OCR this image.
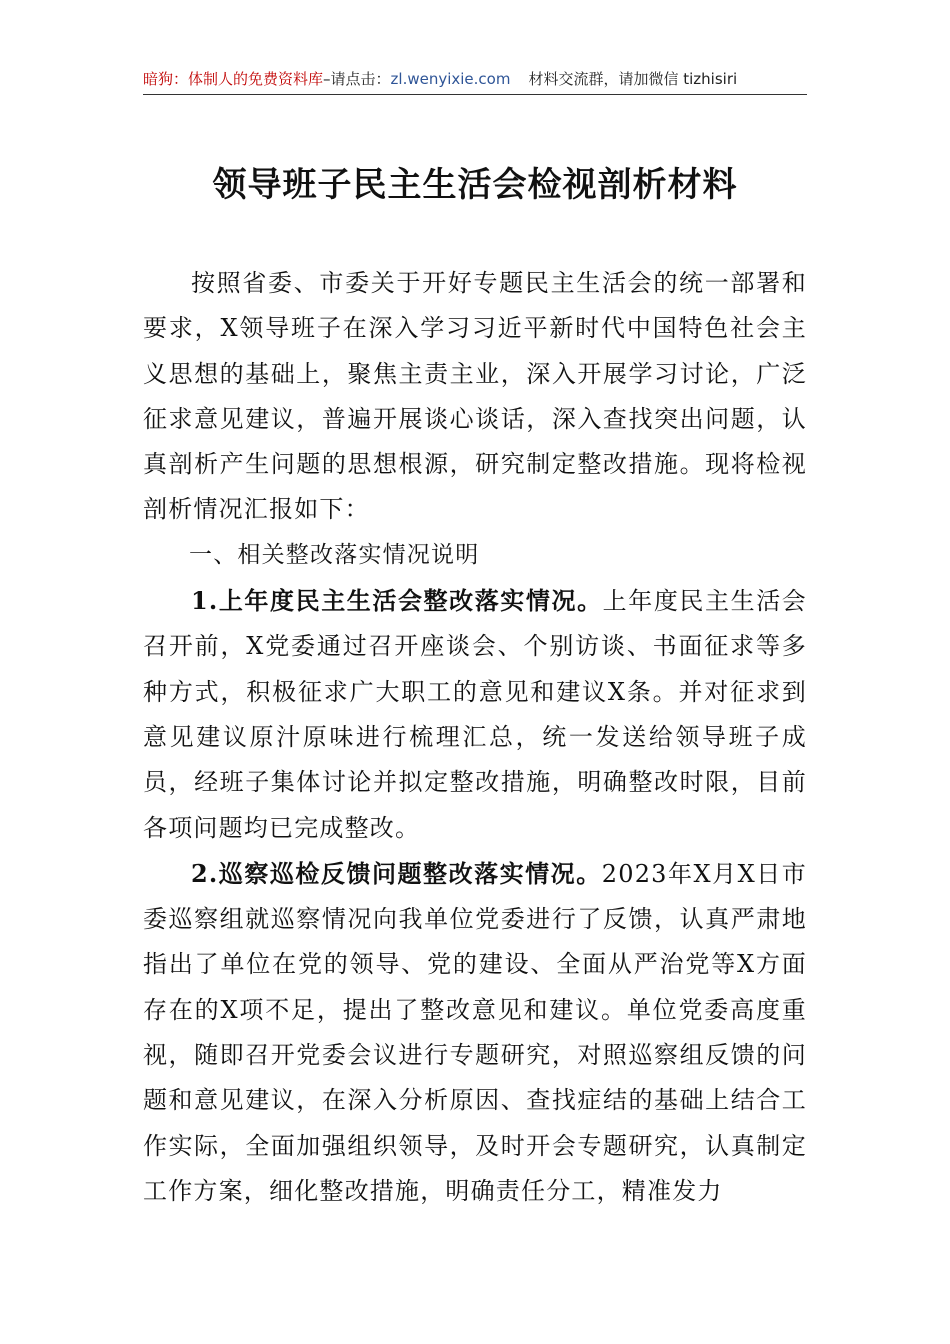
暗狗：体制人的免费资料库–请点击：zl.wenyixie.com 材料交流群，请加微信 tizhisiri
领导班子民主生活会检视剖析材料

按照省委、市委关于开好专题民主生活会的统一部署和要求，X领导班子在深入学习习近平新时代中国特色社会主义思想的基础上，聚焦主责主业，深入开展学习讨论，广泛征求意见建议，普遍开展谈心谈话，深入查找突出问题，认真剖析产生问题的思想根源，研究制定整改措施。现将检视剖析情况汇报如下：

一、相关整改落实情况说明

1.上年度民主生活会整改落实情况。上年度民主生活会召开前，X党委通过召开座谈会、个别访谈、书面征求等多种方式，积极征求广大职工的意见和建议X条。并对征求到意见建议原汁原味进行梳理汇总，统一发送给领导班子成员，经班子集体讨论并拟定整改措施，明确整改时限，目前各项问题均已完成整改。

2.巡察巡检反馈问题整改落实情况。2023年X月X日市委巡察组就巡察情况向我单位党委进行了反馈，认真严肃地指出了单位在党的领导、党的建设、全面从严治党等X方面存在的X项不足，提出了整改意见和建议。单位党委高度重视，随即召开党委会议进行专题研究，对照巡察组反馈的问题和意见建议，在深入分析原因、查找症结的基础上结合工作实际，全面加强组织领导，及时开会专题研究，认真制定工作方案，细化整改措施，明确责任分工，精准发力
